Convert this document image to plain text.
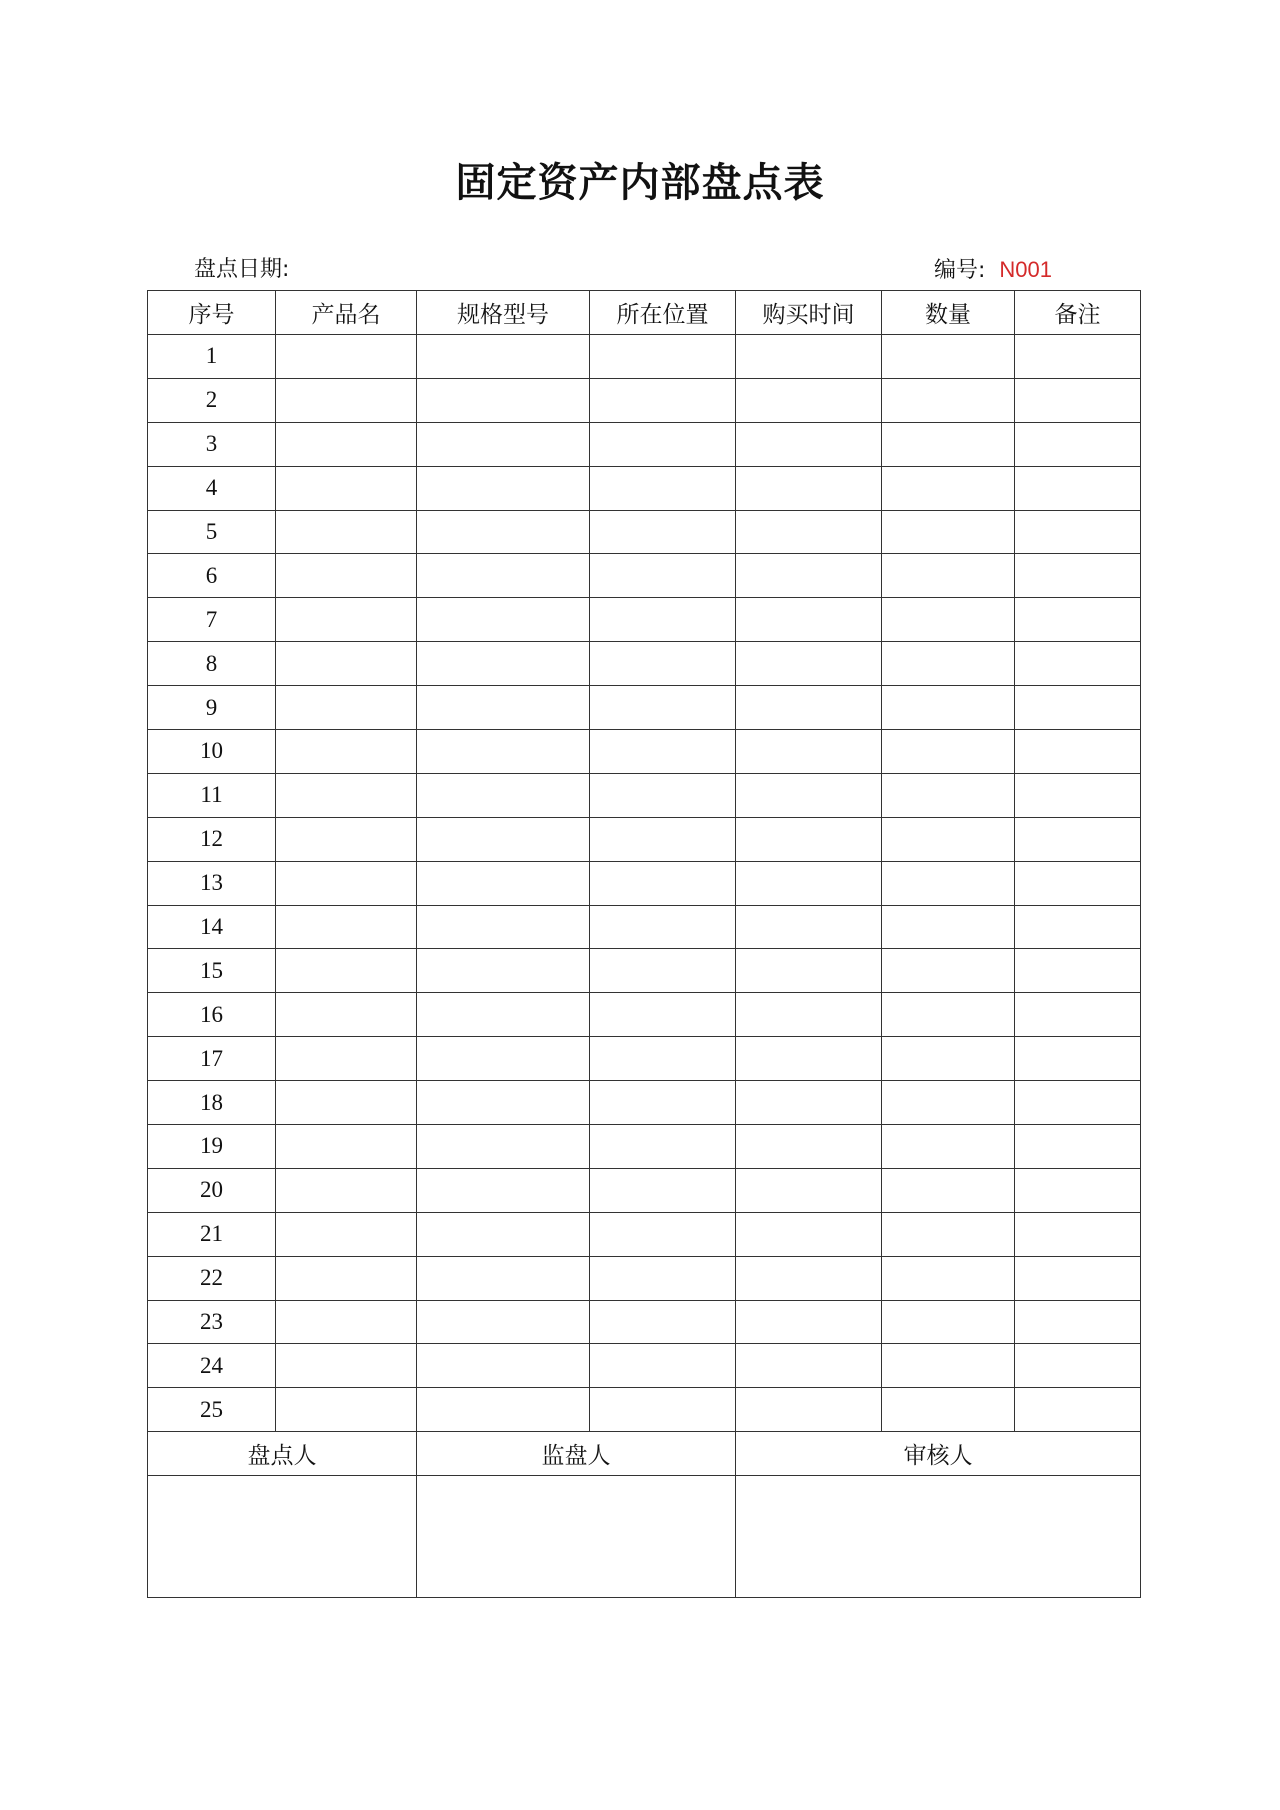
固定资产内部盘点表
盘点日期:	编号: N001
序号	产品名	规格型号	所在位置	购买时间	数量	备注
1						
2						
3						
4						
5						
6						
7						
8						
9						
10						
11						
12						
13						
14						
15						
16						
17						
18						
19						
20						
21						
22						
23						
24						
25						
盘点人		监盘人		审核人		
